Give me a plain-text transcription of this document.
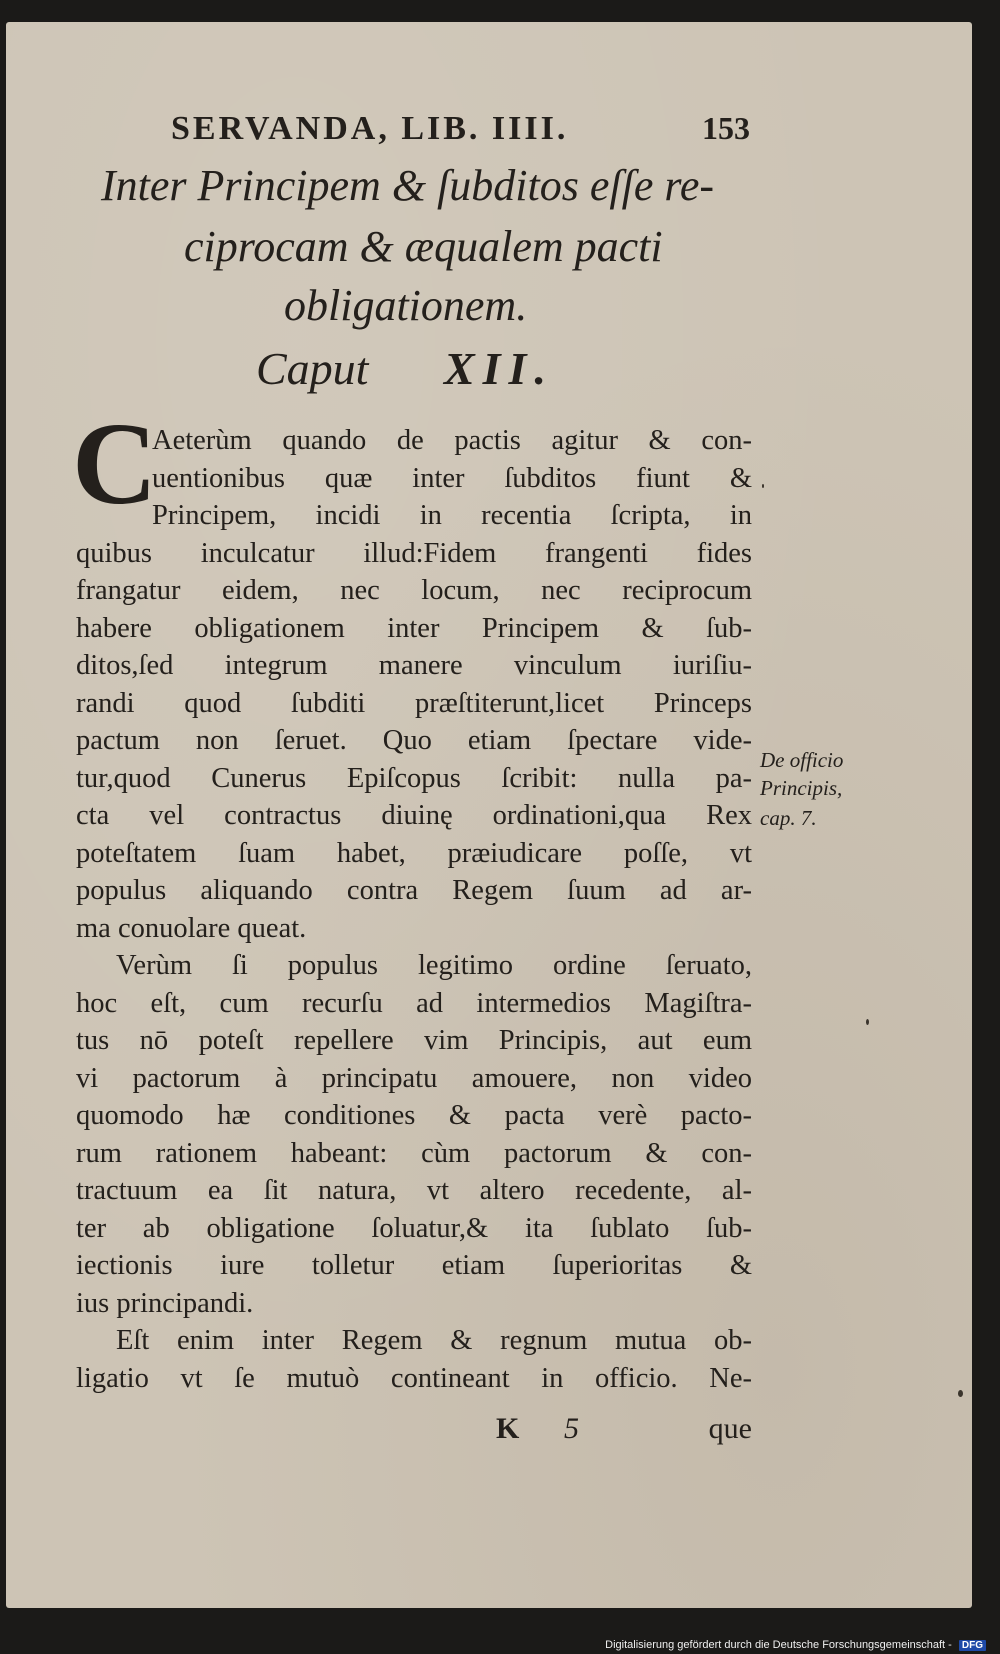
SERVANDA, LIB. IIII.	153
Inter Principem & ſubditos eſſe re-
ciprocam & æqualem pacti
obligationem.
Caput XII.
C
Aeterùm quando de pactis agitur & con-
uentionibus quæ inter ſubditos fiunt &
Principem, incidi in recentia ſcripta, in
quibus inculcatur illud:Fidem frangenti fides
frangatur eidem, nec locum, nec reciprocum
habere obligationem inter Principem & ſub-
ditos,ſed integrum manere vinculum iuriſiu-
randi quod ſubditi præſtiterunt,licet Princeps
pactum non ſeruet. Quo etiam ſpectare vide-
tur,quod Cunerus Epiſcopus ſcribit: nulla pa-
cta vel contractus diuinę ordinationi,qua Rex
poteſtatem ſuam habet, præiudicare poſſe, vt
populus aliquando contra Regem ſuum ad ar-
ma conuolare queat.
Verùm ſi populus legitimo ordine ſeruato,
hoc eſt, cum recurſu ad intermedios Magiſtra-
tus nō poteſt repellere vim Principis, aut eum
vi pactorum à principatu amouere, non video
quomodo hæ conditiones & pacta verè pacto-
rum rationem habeant: cùm pactorum & con-
tractuum ea ſit natura, vt altero recedente, al-
ter ab obligatione ſoluatur,& ita ſublato ſub-
iectionis iure tolletur etiam ſuperioritas &
ius principandi.
Eſt enim inter Regem & regnum mutua ob-
ligatio vt ſe mutuò contineant in officio. Ne-
De officio
Principis,
cap. 7.
K 5	que
Digitalisierung gefördert durch die Deutsche Forschungsgemeinschaft - DFG
